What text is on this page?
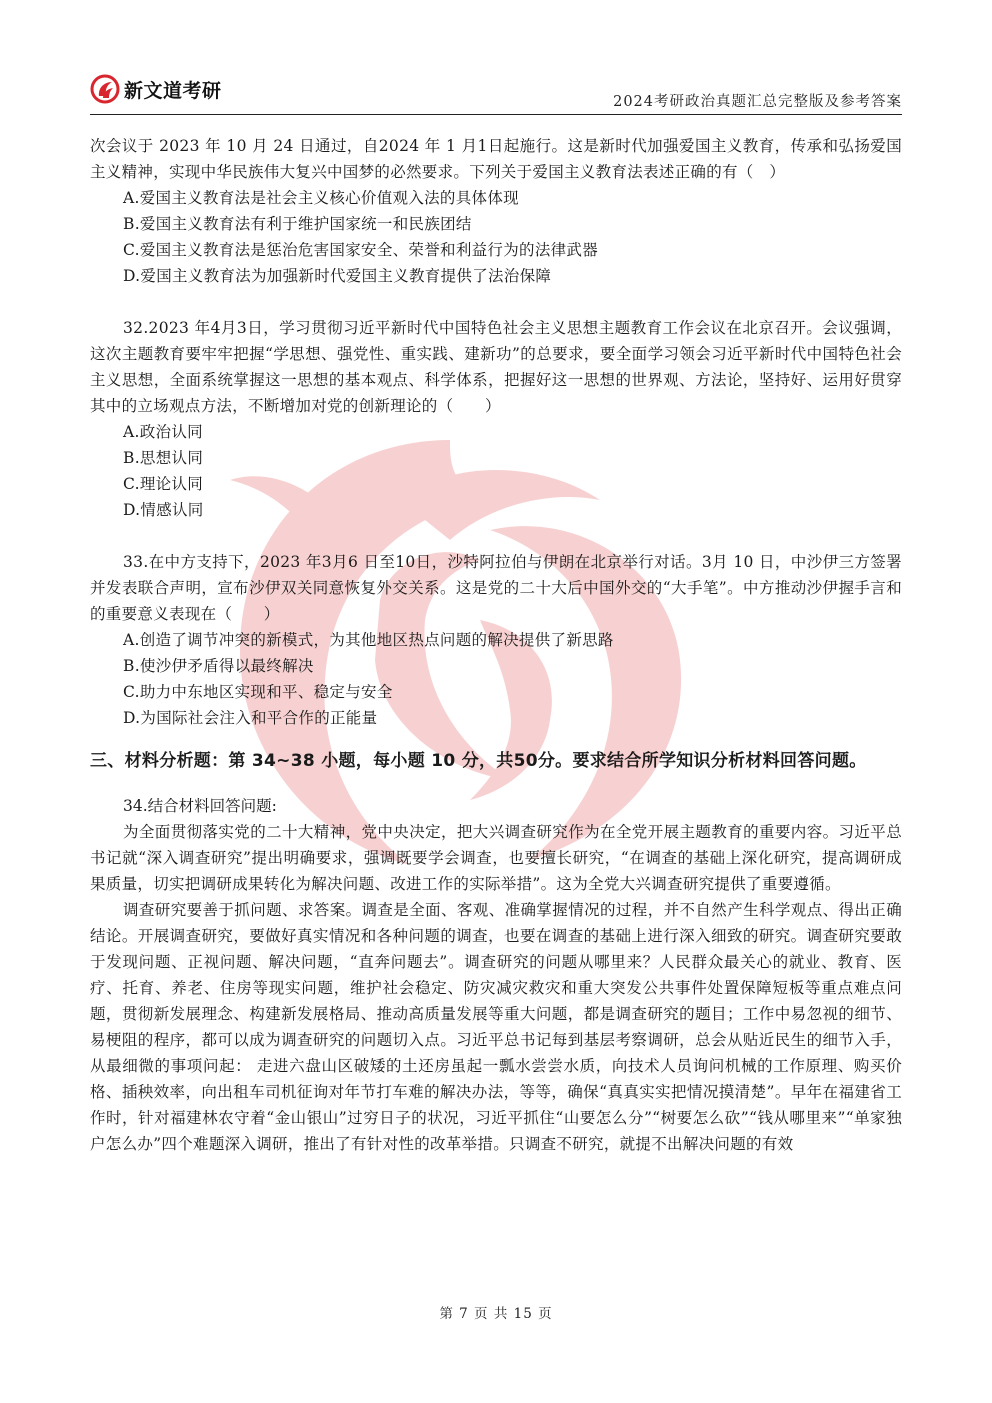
新文道考研
2024考研政治真题汇总完整版及参考答案

次会议于 2023 年 10 月 24 日通过，自2024 年 1 月1日起施行。这是新时代加强爱国主义教育，传承和弘扬爱国主义精神，实现中华民族伟大复兴中国梦的必然要求。下列关于爱国主义教育法表述正确的有（　）

A.爱国主义教育法是社会主义核心价值观入法的具体体现

B.爱国主义教育法有利于维护国家统一和民族团结

C.爱国主义教育法是惩治危害国家安全、荣誉和利益行为的法律武器

D.爱国主义教育法为加强新时代爱国主义教育提供了法治保障

32.2023 年4月3日，学习贯彻习近平新时代中国特色社会主义思想主题教育工作会议在北京召开。会议强调，这次主题教育要牢牢把握“学思想、强党性、重实践、建新功”的总要求，要全面学习领会习近平新时代中国特色社会主义思想，全面系统掌握这一思想的基本观点、科学体系，把握好这一思想的世界观、方法论，坚持好、运用好贯穿其中的立场观点方法，不断增加对党的创新理论的（　　）

A.政治认同

B.思想认同

C.理论认同

D.情感认同

33.在中方支持下，2023 年3月6 日至10日，沙特阿拉伯与伊朗在北京举行对话。3月 10 日，中沙伊三方签署并发表联合声明，宣布沙伊双关同意恢复外交关系。这是党的二十大后中国外交的“大手笔”。中方推动沙伊握手言和的重要意义表现在（　　）

A.创造了调节冲突的新模式，为其他地区热点问题的解决提供了新思路

B.使沙伊矛盾得以最终解决

C.助力中东地区实现和平、稳定与安全

D.为国际社会注入和平合作的正能量

三、材料分析题：第 34~38 小题，每小题 10 分，共50分。要求结合所学知识分析材料回答问题。

34.结合材料回答问题:

为全面贯彻落实党的二十大精神，党中央决定，把大兴调查研究作为在全党开展主题教育的重要内容。习近平总书记就“深入调查研究”提出明确要求，强调既要学会调查，也要擅长研究，“在调查的基础上深化研究，提高调研成果质量，切实把调研成果转化为解决问题、改进工作的实际举措”。这为全党大兴调查研究提供了重要遵循。

调查研究要善于抓问题、求答案。调查是全面、客观、准确掌握情况的过程，并不自然产生科学观点、得出正确结论。开展调查研究，要做好真实情况和各种问题的调查，也要在调查的基础上进行深入细致的研究。调查研究要敢于发现问题、正视问题、解决问题，“直奔问题去”。调查研究的问题从哪里来？人民群众最关心的就业、教育、医疗、托育、养老、住房等现实问题，维护社会稳定、防灾减灾救灾和重大突发公共事件处置保障短板等重点难点问题，贯彻新发展理念、构建新发展格局、推动高质量发展等重大问题，都是调查研究的题目；工作中易忽视的细节、易梗阻的程序，都可以成为调查研究的问题切入点。习近平总书记每到基层考察调研，总会从贴近民生的细节入手，从最细微的事项问起： 走进六盘山区破矮的土还房虽起一瓢水尝尝水质，向技术人员询问机械的工作原理、购买价格、插秧效率，向出租车司机征询对年节打车难的解决办法，等等，确保“真真实实把情况摸清楚”。早年在福建省工作时，针对福建林农守着“金山银山”过穷日子的状况，习近平抓住“山要怎么分”“树要怎么砍”“钱从哪里来”“单家独户怎么办”四个难题深入调研，推出了有针对性的改革举措。只调查不研究，就提不出解决问题的有效

第 7 页 共 15 页
